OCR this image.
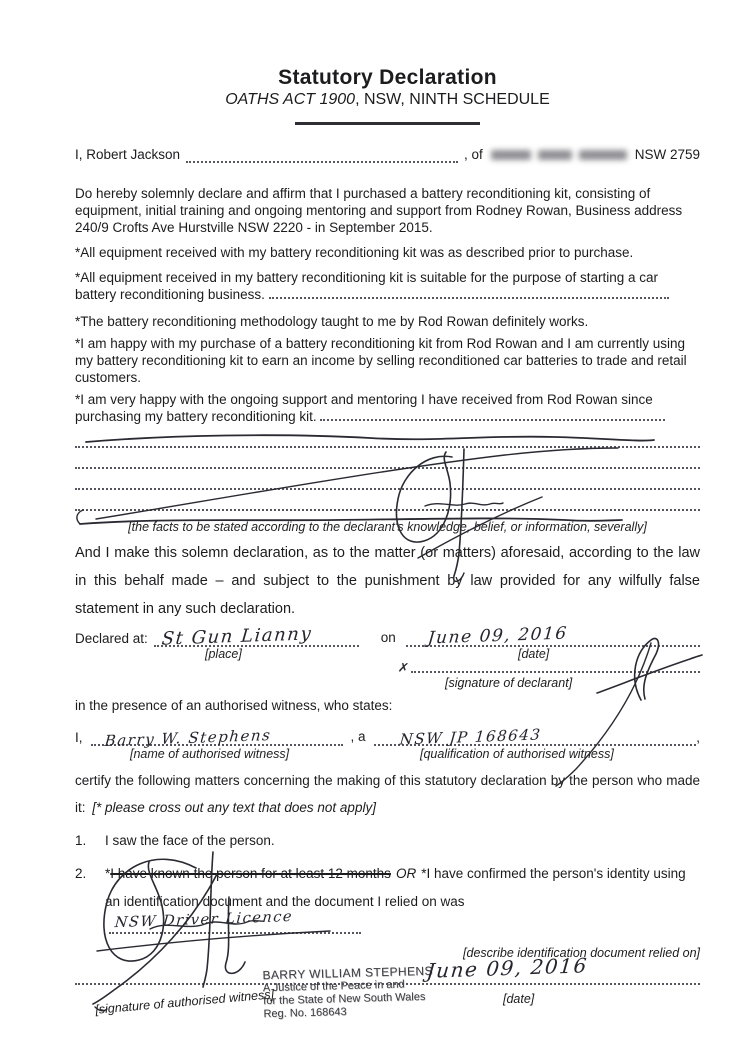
Statutory Declaration
OATHS ACT 1900, NSW, NINTH SCHEDULE
I, Robert Jackson	, of	NSW 2759

Do hereby solemnly declare and affirm that I purchased a battery reconditioning kit, consisting of equipment, initial training and ongoing mentoring and support from Rodney Rowan, Business address 240/9 Crofts Ave Hurstville NSW 2220 - in September 2015.

*All equipment received with my battery reconditioning kit was as described prior to purchase.

*All equipment received in my battery reconditioning kit is suitable for the purpose of starting a car battery reconditioning business.

*The battery reconditioning methodology taught to me by Rod Rowan definitely works.

*I am happy with my purchase of a battery reconditioning kit from Rod Rowan and I am currently using my battery reconditioning kit to earn an income by selling reconditioned car batteries to trade and retail customers.

*I am very happy with the ongoing support and mentoring I have received from Rod Rowan since purchasing my battery reconditioning kit.

[the facts to be stated according to the declarant's knowledge, belief, or information, severally]

And I make this solemn declaration, as to the matter (or matters) aforesaid, according to the law in this behalf made – and subject to the punishment by law provided for any wilfully false statement in any such declaration.

Declared at: St Gun Lianny	on June 09, 2016
[place]	[date]
✗
[signature of declarant]

in the presence of an authorised witness, who states:

I, Barry W. Stephens	, a NSW JP 168643	,
[name of authorised witness]	[qualification of authorised witness]

certify the following matters concerning the making of this statutory declaration by the person who made it: [* please cross out any text that does not apply]

1.	I saw the face of the person.
2.	*I have known the person for at least 12 months OR *I have confirmed the person's identity using an identification document and the document I relied on was
NSW Driver Licence
[describe identification document relied on]
BARRY WILLIAM STEPHENS
A Justice of the Peace in and
for the State of New South Wales
Reg. No. 168643
June 09, 2016
[date]
[signature of authorised witness]
